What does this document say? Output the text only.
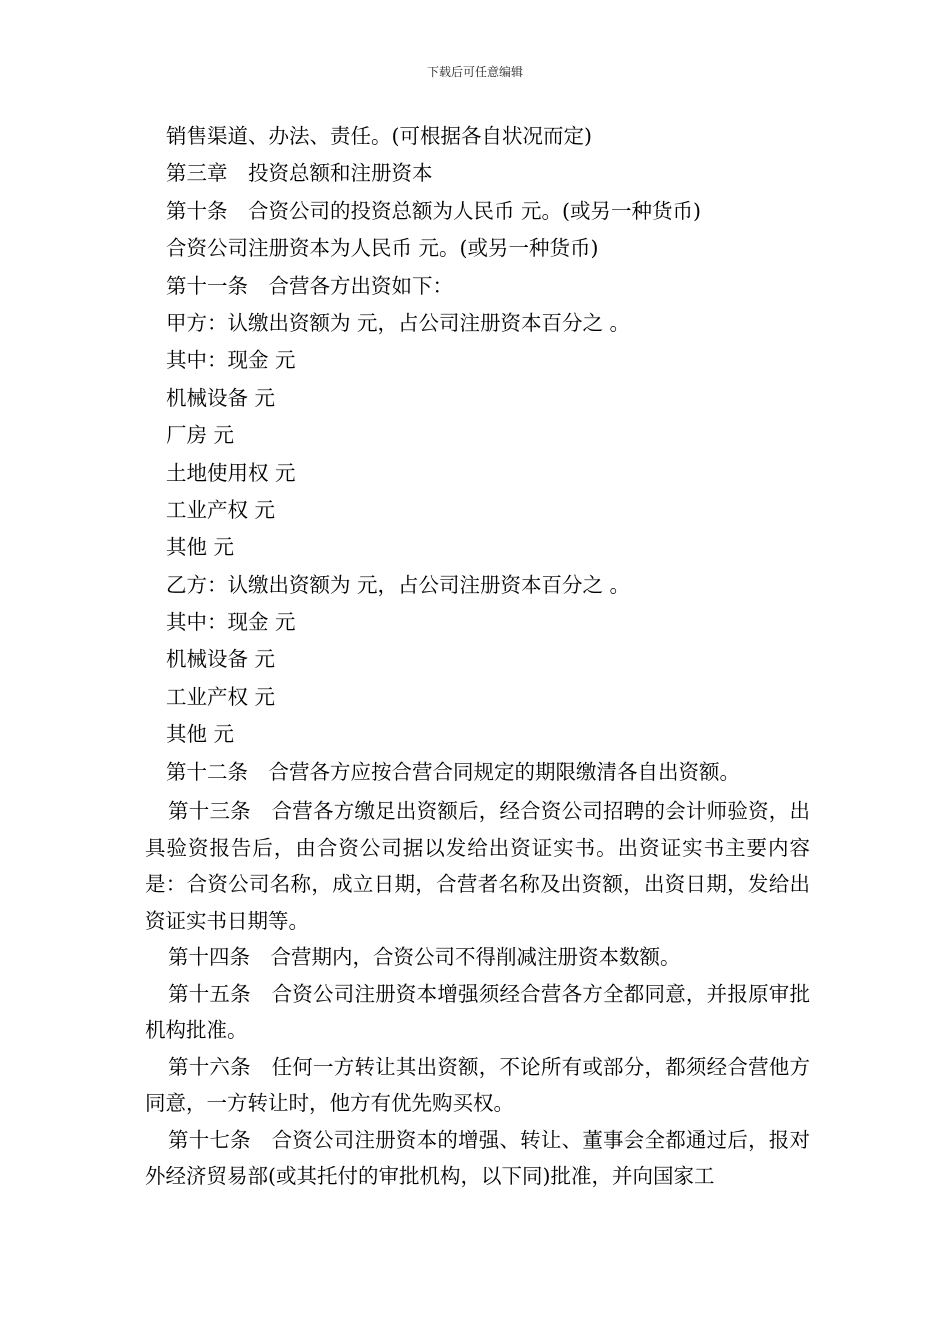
下载后可任意编辑
销售渠道、办法、责任。(可根据各自状况而定)
第三章　投资总额和注册资本
第十条　合资公司的投资总额为人民币 元。(或另一种货币)
合资公司注册资本为人民币 元。(或另一种货币)
第十一条　合营各方出资如下：
甲方：认缴出资额为 元，占公司注册资本百分之 。
其中：现金 元
机械设备 元
厂房 元
土地使用权 元
工业产权 元
其他 元
乙方：认缴出资额为 元，占公司注册资本百分之 。
其中：现金 元
机械设备 元
工业产权 元
其他 元
第十二条　合营各方应按合营合同规定的期限缴清各自出资额。

第十三条　合营各方缴足出资额后，经合资公司招聘的会计师验资，出具验资报告后，由合资公司据以发给出资证实书。出资证实书主要内容是：合资公司名称，成立日期，合营者名称及出资额，出资日期，发给出资证实书日期等。

第十四条　合营期内，合资公司不得削减注册资本数额。

第十五条　合资公司注册资本增强须经合营各方全都同意，并报原审批机构批准。

第十六条　任何一方转让其出资额，不论所有或部分，都须经合营他方同意，一方转让时，他方有优先购买权。

第十七条　合资公司注册资本的增强、转让、董事会全都通过后，报对外经济贸易部(或其托付的审批机构，以下同)批准，并向国家工
